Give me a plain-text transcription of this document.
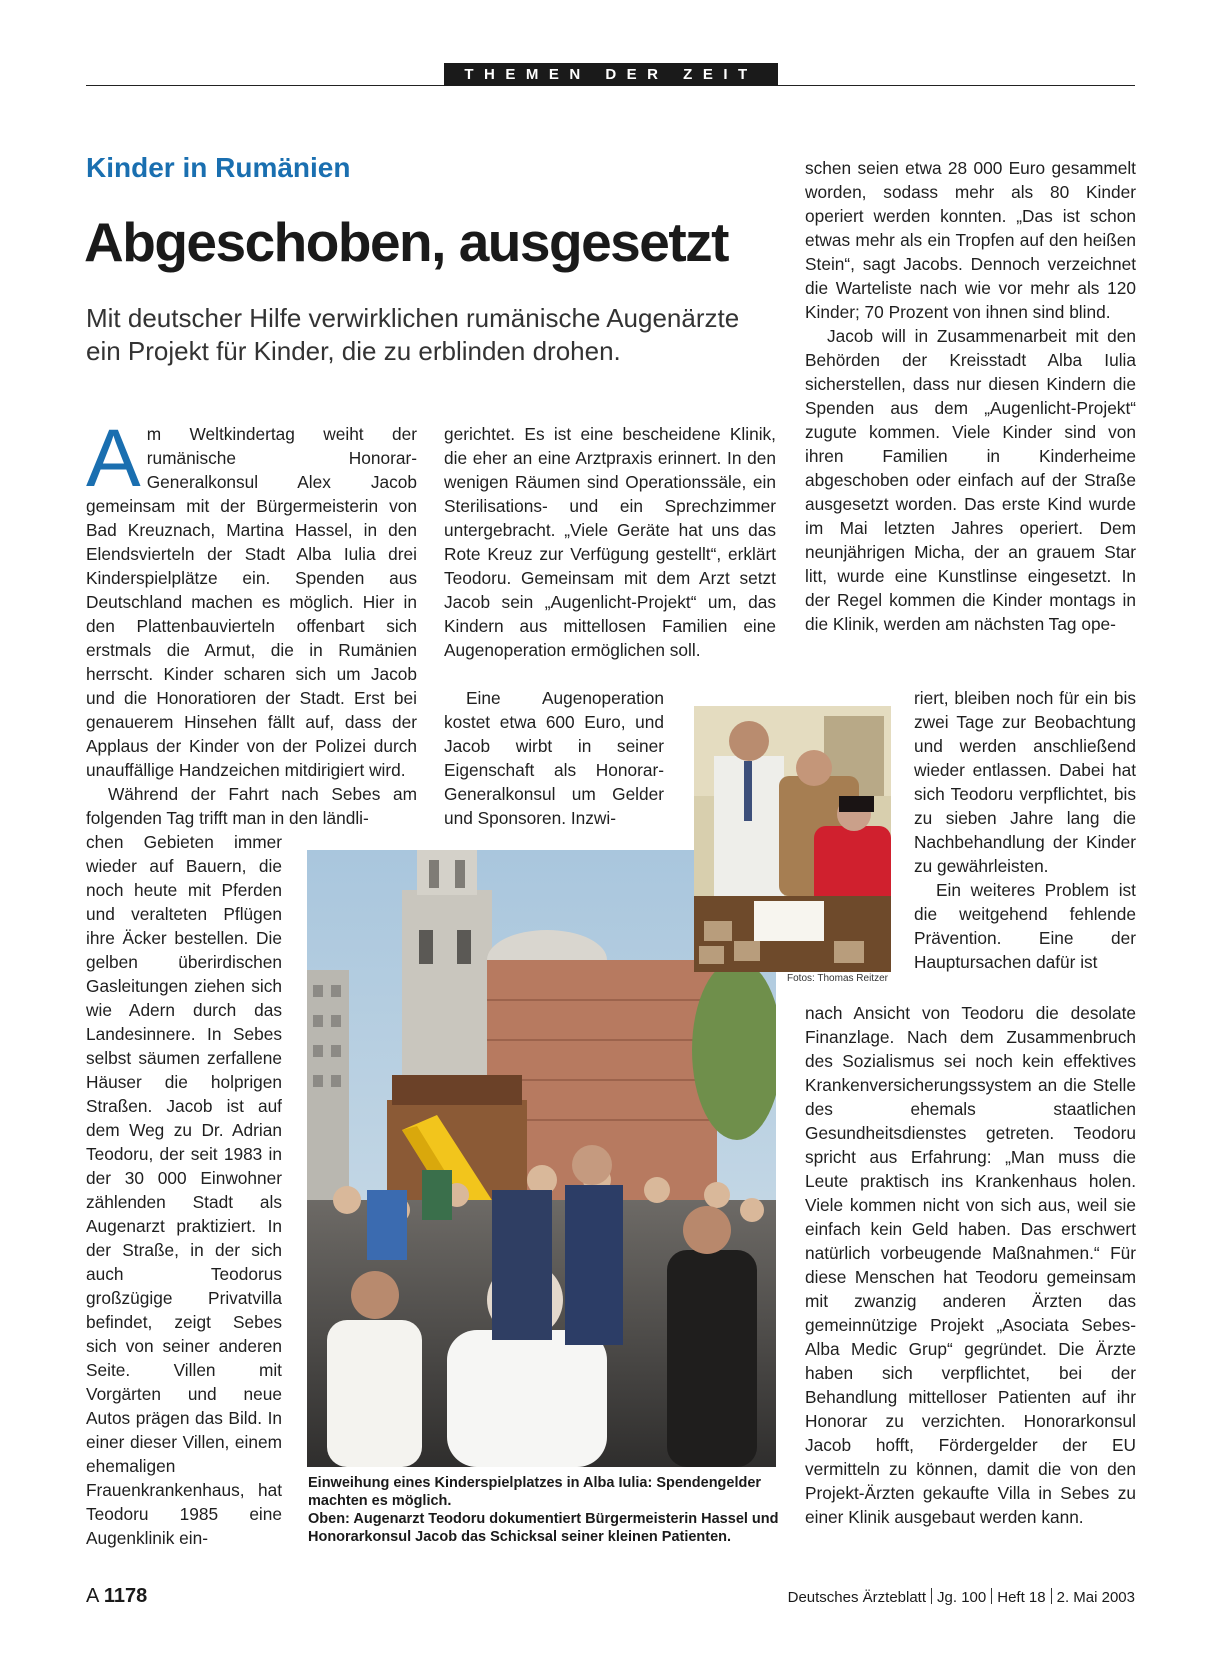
THEMEN DER ZEIT
Kinder in Rumänien
Abgeschoben, ausgesetzt
Mit deutscher Hilfe verwirklichen rumänische Augenärzte ein Projekt für Kinder, die zu erblinden drohen.
A m Weltkindertag weiht der rumänische Honorar-Generalkonsul Alex Jacob gemeinsam mit der Bürgermeisterin von Bad Kreuznach, Martina Hassel, in den Elendsvierteln der Stadt Alba Iulia drei Kinderspielplätze ein. Spenden aus Deutschland machen es möglich. Hier in den Plattenbauvierteln offenbart sich erstmals die Armut, die in Rumänien herrscht. Kinder scharen sich um Jacob und die Honoratioren der Stadt. Erst bei genauerem Hinsehen fällt auf, dass der Applaus der Kinder von der Polizei durch unauffällige Handzeichen mitdirigiert wird.

Während der Fahrt nach Sebes am folgenden Tag trifft man in den ländli-

chen Gebieten immer wieder auf Bauern, die noch heute mit Pferden und veralteten Pflügen ihre Äcker bestellen. Die gelben überirdischen Gasleitungen ziehen sich wie Adern durch das Landesinnere. In Sebes selbst säumen zerfallene Häuser die holprigen Straßen. Jacob ist auf dem Weg zu Dr. Adrian Teodoru, der seit 1983 in der 30 000 Einwohner zählenden Stadt als Augenarzt praktiziert. In der Straße, in der sich auch Teodorus großzügige Privatvilla befindet, zeigt Sebes sich von seiner anderen Seite. Villen mit Vorgärten und neue Autos prägen das Bild. In einer dieser Villen, einem ehemaligen Frauenkrankenhaus, hat Teodoru 1985 eine Augenklinik ein-

gerichtet. Es ist eine bescheidene Klinik, die eher an eine Arztpraxis erinnert. In den wenigen Räumen sind Operationssäle, ein Sterilisations- und ein Sprechzimmer untergebracht. „Viele Geräte hat uns das Rote Kreuz zur Verfügung gestellt“, erklärt Teodoru. Gemeinsam mit dem Arzt setzt Jacob sein „Augenlicht-Projekt“ um, das Kindern aus mittellosen Familien eine Augenoperation ermöglichen soll.

Eine Augenoperation kostet etwa 600 Euro, und Jacob wirbt in seiner Eigenschaft als Honorar-Generalkonsul um Gelder und Sponsoren. Inzwi-

schen seien etwa 28 000 Euro gesammelt worden, sodass mehr als 80 Kinder operiert werden konnten. „Das ist schon etwas mehr als ein Tropfen auf den heißen Stein“, sagt Jacobs. Dennoch verzeichnet die Warteliste nach wie vor mehr als 120 Kinder; 70 Prozent von ihnen sind blind.

Jacob will in Zusammenarbeit mit den Behörden der Kreisstadt Alba Iulia sicherstellen, dass nur diesen Kindern die Spenden aus dem „Augenlicht-Projekt“ zugute kommen. Viele Kinder sind von ihren Familien in Kinderheime abgeschoben oder einfach auf der Straße ausgesetzt worden. Das erste Kind wurde im Mai letzten Jahres operiert. Dem neunjährigen Micha, der an grauem Star litt, wurde eine Kunstlinse eingesetzt. In der Regel kommen die Kinder montags in die Klinik, werden am nächsten Tag ope-

riert, bleiben noch für ein bis zwei Tage zur Beobachtung und werden anschließend wieder entlassen. Dabei hat sich Teodoru verpflichtet, bis zu sieben Jahre lang die Nachbehandlung der Kinder zu gewährleisten.

Ein weiteres Problem ist die weitgehend fehlende Prävention. Eine der Hauptursachen dafür ist

nach Ansicht von Teodoru die desolate Finanzlage. Nach dem Zusammenbruch des Sozialismus sei noch kein effektives Krankenversicherungssystem an die Stelle des ehemals staatlichen Gesundheitsdienstes getreten. Teodoru spricht aus Erfahrung: „Man muss die Leute praktisch ins Krankenhaus holen. Viele kommen nicht von sich aus, weil sie einfach kein Geld haben. Das erschwert natürlich vorbeugende Maßnahmen.“ Für diese Menschen hat Teodoru gemeinsam mit zwanzig anderen Ärzten das gemeinnützige Projekt „Asociata Sebes-Alba Medic Grup“ gegründet. Die Ärzte haben sich verpflichtet, bei der Behandlung mittelloser Patienten auf ihr Honorar zu verzichten. Honorarkonsul Jacob hofft, Fördergelder der EU vermitteln zu können, damit die von den Projekt-Ärzten gekaufte Villa in Sebes zu einer Klinik ausgebaut werden kann.

Fotos: Thomas Reitzer
Einweihung eines Kinderspielplatzes in Alba Iulia: Spendengelder machten es möglich.
Oben: Augenarzt Teodoru dokumentiert Bürgermeisterin Hassel und Honorarkonsul Jacob das Schicksal seiner kleinen Patienten.
A 1178	Deutsches Ärzteblatt Jg. 100 Heft 18 2. Mai 2003
